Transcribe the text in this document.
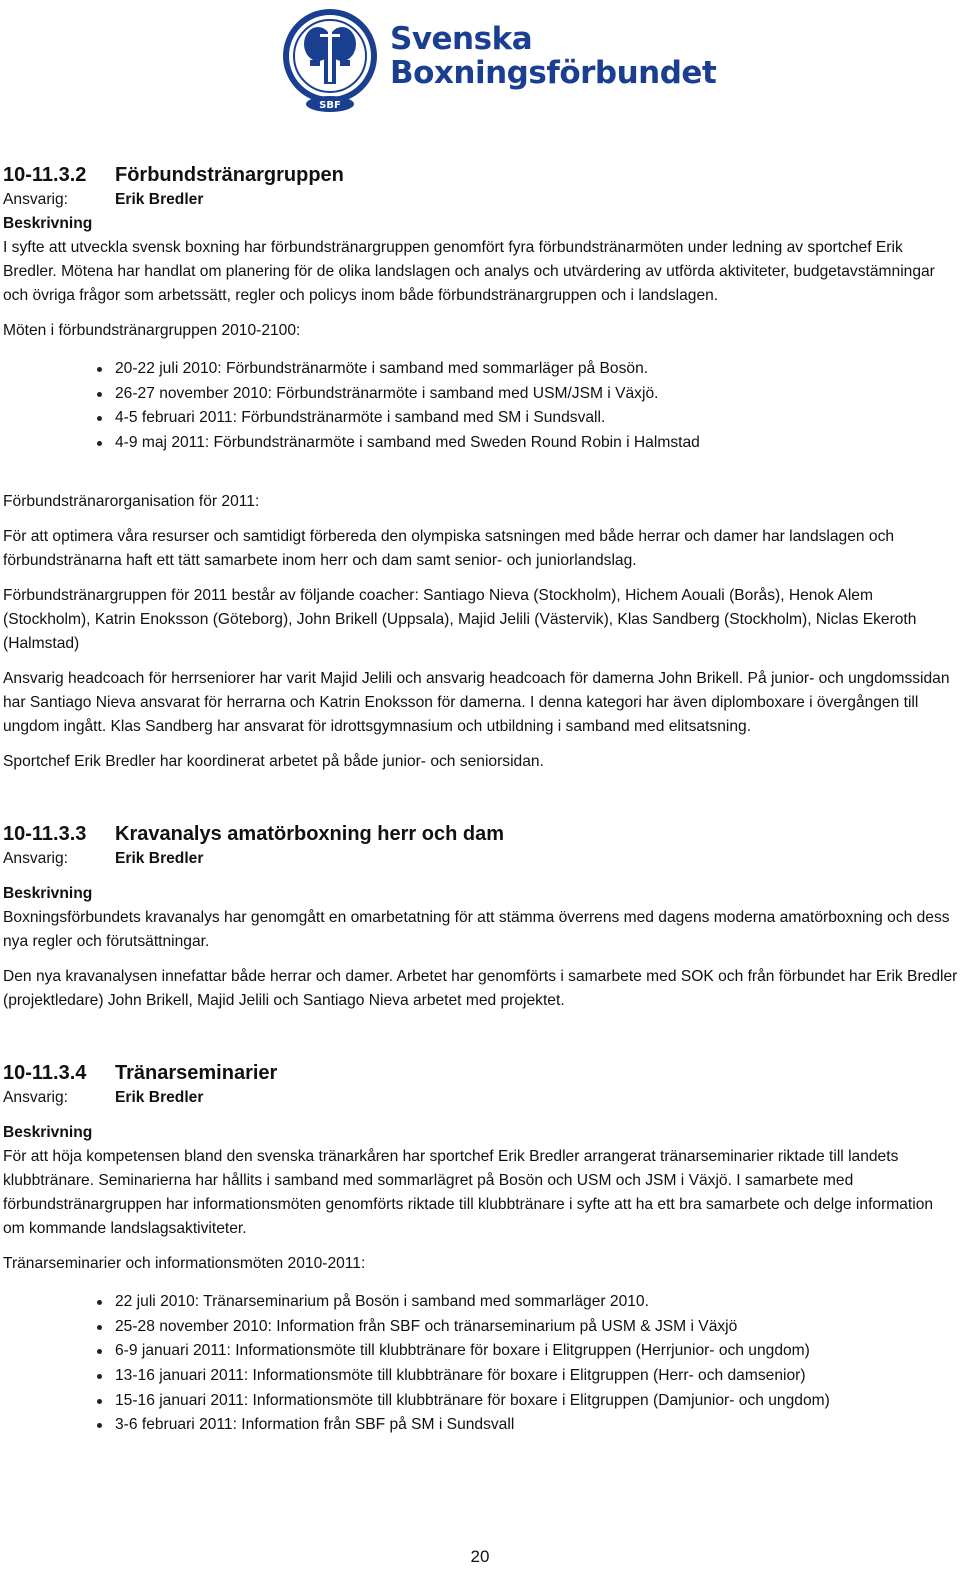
SBF
Svenska
Boxningsförbundet
10-11.3.2	Förbundstränargruppen
Ansvarig:	Erik Bredler
Beskrivning

I syfte att utveckla svensk boxning har förbundstränargruppen genomfört fyra förbundstränarmöten under ledning av sportchef Erik Bredler. Mötena har handlat om planering för de olika landslagen och analys och utvärdering av utförda aktiviteter, budgetavstämningar och övriga frågor som arbetssätt, regler och policys inom både förbundstränargruppen och i landslagen.

Möten i förbundstränargruppen 2010-2100:

20-22 juli 2010: Förbundstränarmöte i samband med sommarläger på Bosön.
26-27 november 2010: Förbundstränarmöte i samband med USM/JSM i Växjö.
4-5 februari 2011: Förbundstränarmöte i samband med SM i Sundsvall.
4-9 maj 2011: Förbundstränarmöte i samband med Sweden Round Robin i Halmstad

Förbundstränarorganisation för 2011:

För att optimera våra resurser och samtidigt förbereda den olympiska satsningen med både herrar och damer har landslagen och förbundstränarna haft ett tätt samarbete inom herr och dam samt senior- och juniorlandslag.

Förbundstränargruppen för 2011 består av följande coacher: Santiago Nieva (Stockholm), Hichem Aouali (Borås), Henok Alem (Stockholm), Katrin Enoksson (Göteborg), John Brikell (Uppsala), Majid Jelili (Västervik), Klas Sandberg (Stockholm), Niclas Ekeroth (Halmstad)

Ansvarig headcoach för herrseniorer har varit Majid Jelili och ansvarig headcoach för damerna John Brikell. På junior- och ungdomssidan har Santiago Nieva ansvarat för herrarna och Katrin Enoksson för damerna. I denna kategori har även diplomboxare i övergången till ungdom ingått. Klas Sandberg har ansvarat för idrottsgymnasium och utbildning i samband med elitsatsning.

Sportchef Erik Bredler har koordinerat arbetet på både junior- och seniorsidan.

10-11.3.3	Kravanalys amatörboxning herr och dam
Ansvarig:	Erik Bredler
Beskrivning

Boxningsförbundets kravanalys har genomgått en omarbetatning för att stämma överrens med dagens moderna amatörboxning och dess nya regler och förutsättningar.

Den nya kravanalysen innefattar både herrar och damer. Arbetet har genomförts i samarbete med SOK och från förbundet har Erik Bredler (projektledare) John Brikell, Majid Jelili och Santiago Nieva arbetet med projektet.

10-11.3.4	Tränarseminarier
Ansvarig:	Erik Bredler
Beskrivning

För att höja kompetensen bland den svenska tränarkåren har sportchef Erik Bredler arrangerat tränarseminarier riktade till landets klubbtränare. Seminarierna har hållits i samband med sommarlägret på Bosön och USM och JSM i Växjö. I samarbete med förbundstränargruppen har informationsmöten genomförts riktade till klubbtränare i syfte att ha ett bra samarbete och delge information om kommande landslagsaktiviteter.

Tränarseminarier och informationsmöten 2010-2011:

22 juli 2010: Tränarseminarium på Bosön i samband med sommarläger 2010.
25-28 november 2010: Information från SBF och tränarseminarium på USM & JSM i Växjö
6-9 januari 2011: Informationsmöte till klubbtränare för boxare i Elitgruppen (Herrjunior- och ungdom)
13-16 januari 2011: Informationsmöte till klubbtränare för boxare i Elitgruppen (Herr- och damsenior)
15-16 januari 2011: Informationsmöte till klubbtränare för boxare i Elitgruppen (Damjunior- och ungdom)
3-6 februari 2011: Information från SBF på SM i Sundsvall
20
